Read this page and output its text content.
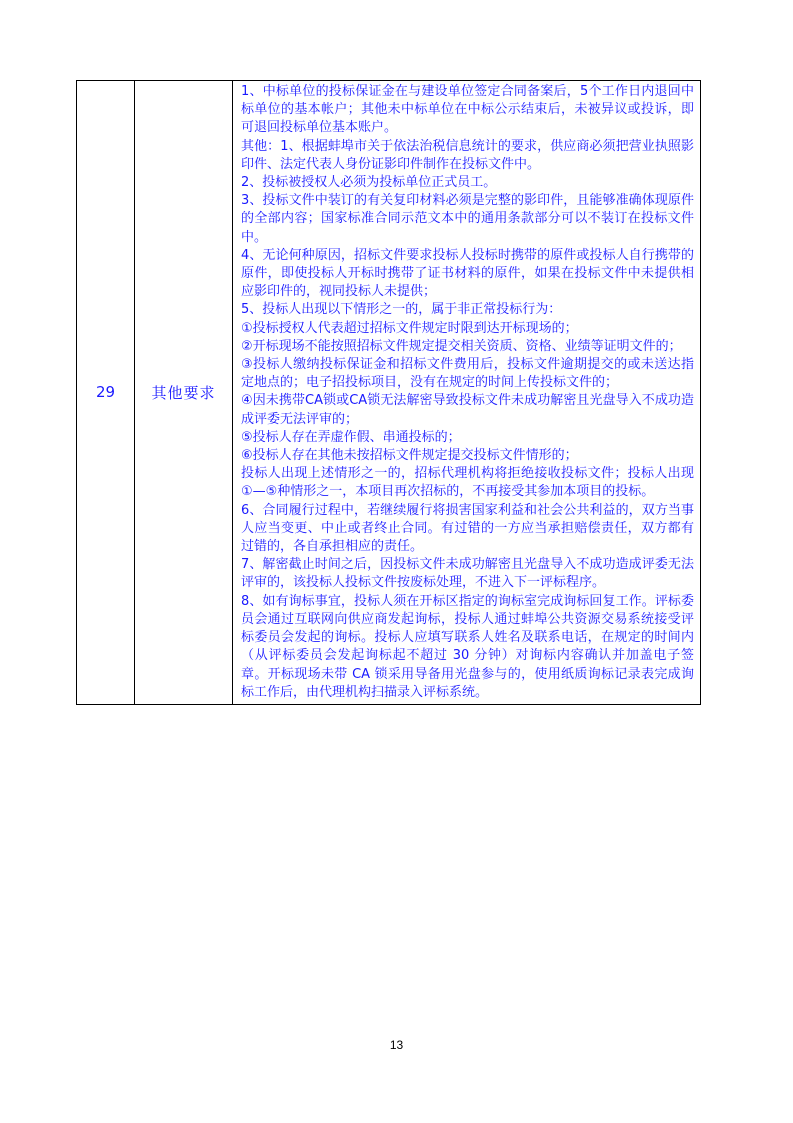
29	其他要求	

1、中标单位的投标保证金在与建设单位签定合同备案后，5个工作日内退回中标单位的基本帐户；其他未中标单位在中标公示结束后，未被异议或投诉，即可退回投标单位基本账户。

其他：1、根据蚌埠市关于依法治税信息统计的要求，供应商必须把营业执照影印件、法定代表人身份证影印件制作在投标文件中。

2、投标被授权人必须为投标单位正式员工。

3、投标文件中装订的有关复印材料必须是完整的影印件，且能够准确体现原件的全部内容；国家标准合同示范文本中的通用条款部分可以不装订在投标文件中。

4、无论何种原因，招标文件要求投标人投标时携带的原件或投标人自行携带的原件，即使投标人开标时携带了证书材料的原件，如果在投标文件中未提供相应影印件的，视同投标人未提供；

5、投标人出现以下情形之一的，属于非正常投标行为：

①投标授权人代表超过招标文件规定时限到达开标现场的；

②开标现场不能按照招标文件规定提交相关资质、资格、业绩等证明文件的；

③投标人缴纳投标保证金和招标文件费用后，投标文件逾期提交的或未送达指定地点的；电子招投标项目，没有在规定的时间上传投标文件的；

④因未携带CA锁或CA锁无法解密导致投标文件未成功解密且光盘导入不成功造成评委无法评审的；

⑤投标人存在弄虚作假、串通投标的；

⑥投标人存在其他未按招标文件规定提交投标文件情形的；

投标人出现上述情形之一的，招标代理机构将拒绝接收投标文件；投标人出现①—⑤种情形之一，本项目再次招标的，不再接受其参加本项目的投标。

6、合同履行过程中，若继续履行将损害国家利益和社会公共利益的，双方当事人应当变更、中止或者终止合同。有过错的一方应当承担赔偿责任，双方都有过错的，各自承担相应的责任。

7、解密截止时间之后，因投标文件未成功解密且光盘导入不成功造成评委无法评审的，该投标人投标文件按废标处理，不进入下一评标程序。

8、如有询标事宜，投标人须在开标区指定的询标室完成询标回复工作。评标委员会通过互联网向供应商发起询标，投标人通过蚌埠公共资源交易系统接受评标委员会发起的询标。投标人应填写联系人姓名及联系电话，在规定的时间内（从评标委员会发起询标起不超过 30 分钟）对询标内容确认并加盖电子签章。开标现场未带 CA 锁采用导备用光盘参与的，使用纸质询标记录表完成询标工作后，由代理机构扫描录入评标系统。

13
